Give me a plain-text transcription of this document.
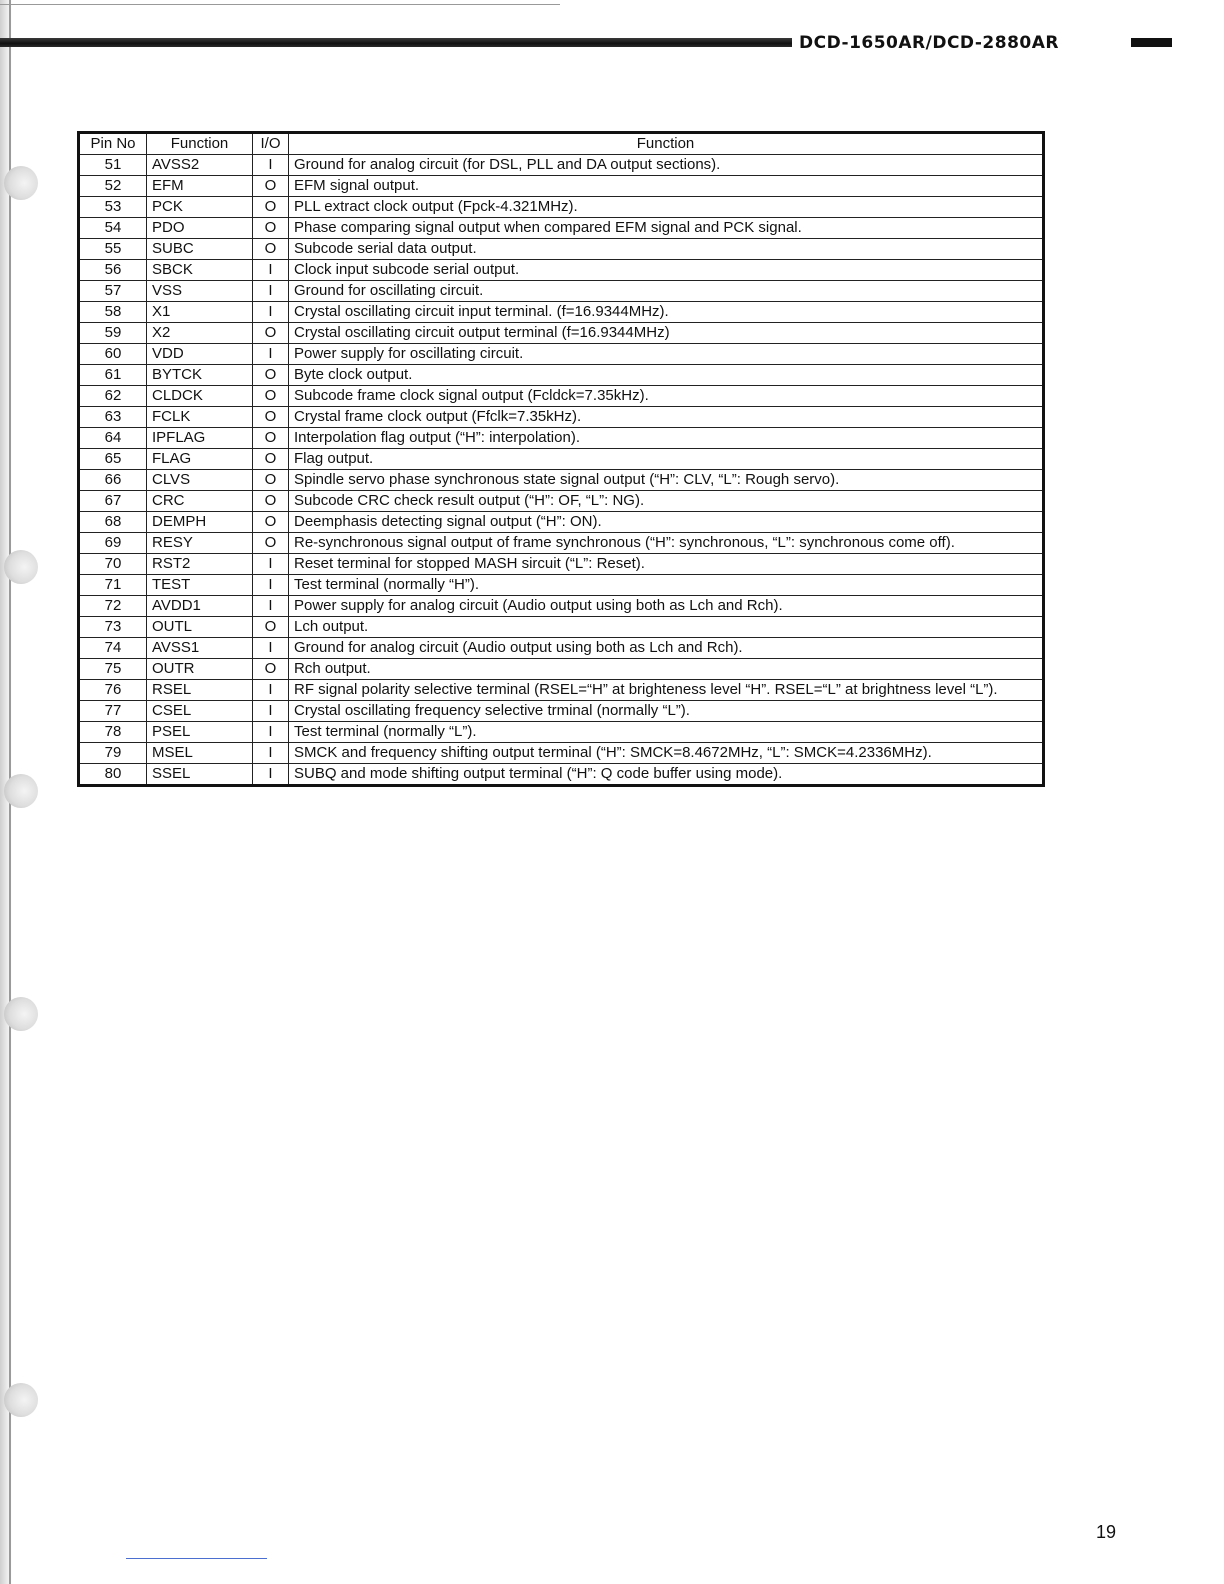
DCD-1650AR/DCD-2880AR
Pin No	Function	I/O	Function
51	AVSS2	I	Ground for analog circuit (for DSL, PLL and DA output sections).
52	EFM	O	EFM signal output.
53	PCK	O	PLL extract clock output (Fpck-4.321MHz).
54	PDO	O	Phase comparing signal output when compared EFM signal and PCK signal.
55	SUBC	O	Subcode serial data output.
56	SBCK	I	Clock input subcode serial output.
57	VSS	I	Ground for oscillating circuit.
58	X1	I	Crystal oscillating circuit input terminal. (f=16.9344MHz).
59	X2	O	Crystal oscillating circuit output terminal (f=16.9344MHz)
60	VDD	I	Power supply for oscillating circuit.
61	BYTCK	O	Byte clock output.
62	CLDCK	O	Subcode frame clock signal output (Fcldck=7.35kHz).
63	FCLK	O	Crystal frame clock output (Ffclk=7.35kHz).
64	IPFLAG	O	Interpolation flag output (“H”: interpolation).
65	FLAG	O	Flag output.
66	CLVS	O	Spindle servo phase synchronous state signal output (“H”: CLV, “L”: Rough servo).
67	CRC	O	Subcode CRC check result output (“H”: OF, “L”: NG).
68	DEMPH	O	Deemphasis detecting signal output (“H”: ON).
69	RESY	O	Re-synchronous signal output of frame synchronous (“H”: synchronous, “L”: synchronous come off).
70	RST2	I	Reset terminal for stopped MASH sircuit (“L”: Reset).
71	TEST	I	Test terminal (normally “H”).
72	AVDD1	I	Power supply for analog circuit (Audio output using both as Lch and Rch).
73	OUTL	O	Lch output.
74	AVSS1	I	Ground for analog circuit (Audio output using both as Lch and Rch).
75	OUTR	O	Rch output.
76	RSEL	I	RF signal polarity selective terminal (RSEL=“H” at brighteness level “H”. RSEL=“L” at brightness level “L”).
77	CSEL	I	Crystal oscillating frequency selective trminal (normally “L”).
78	PSEL	I	Test terminal (normally “L”).
79	MSEL	I	SMCK and frequency shifting output terminal (“H”: SMCK=8.4672MHz, “L”: SMCK=4.2336MHz).
80	SSEL	I	SUBQ and mode shifting output terminal (“H”: Q code buffer using mode).
19
